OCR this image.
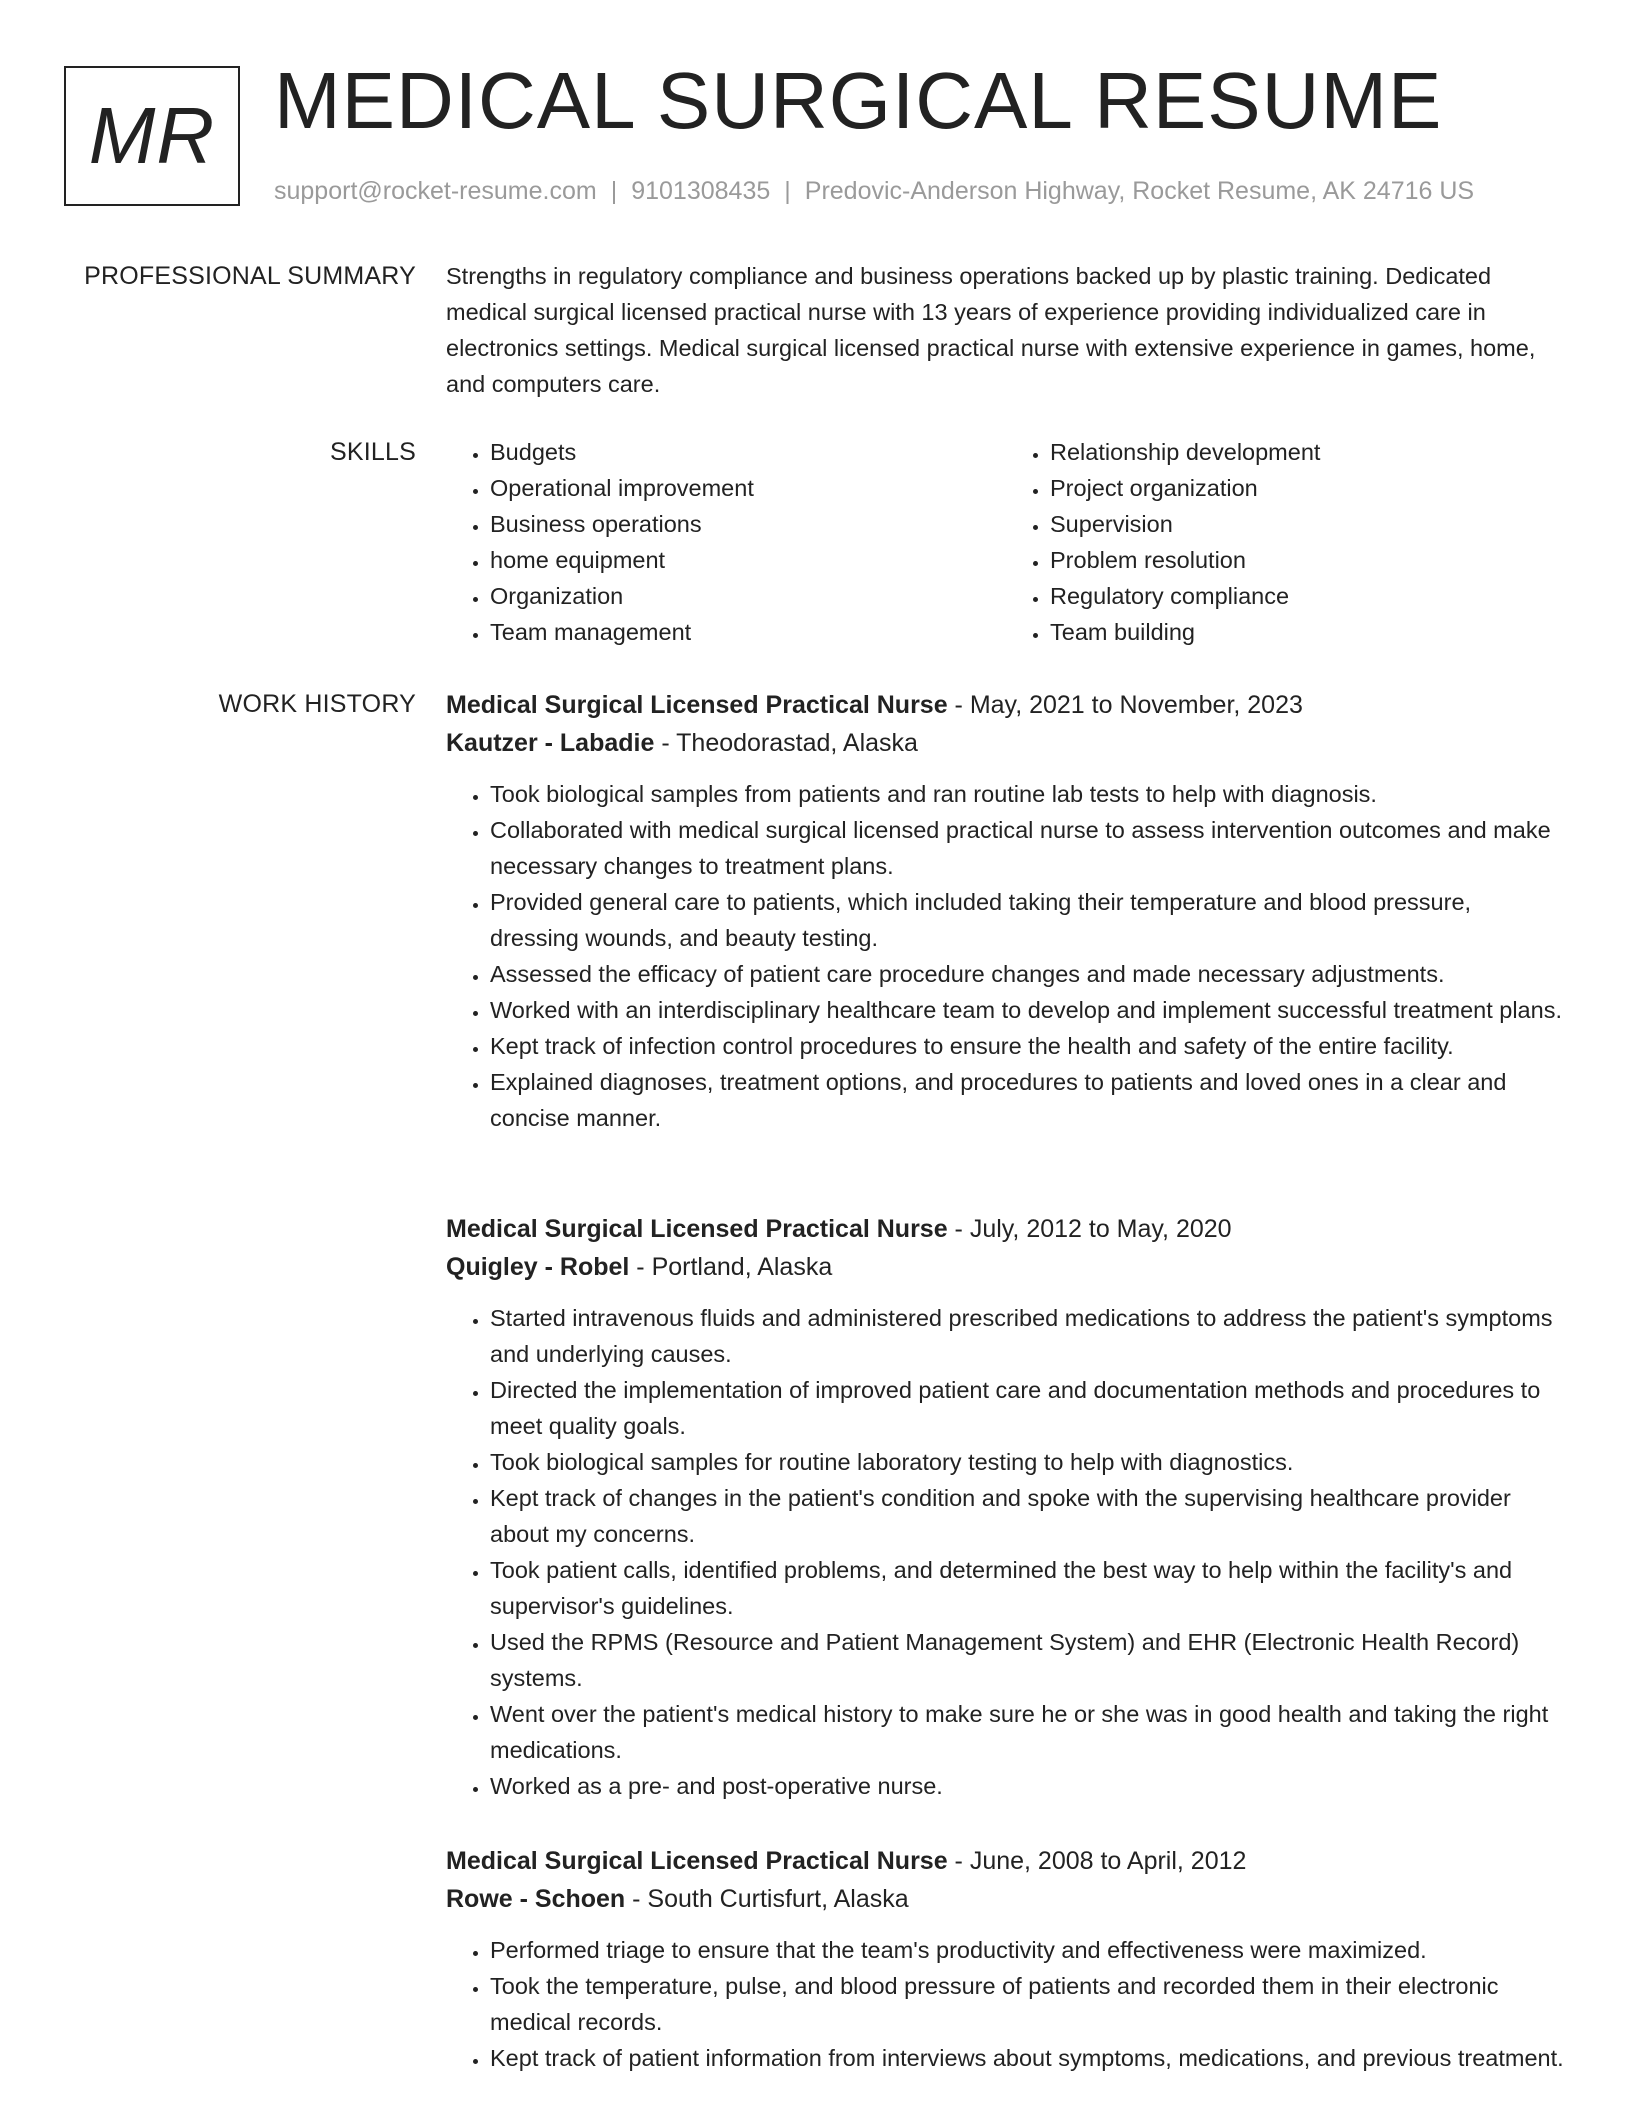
MR MEDICAL SURGICAL RESUME
support@rocket-resume.com | 9101308435 | Predovic-Anderson Highway, Rocket Resume, AK 24716 US
PROFESSIONAL SUMMARY Strengths in regulatory compliance and business operations backed up by plastic training. Dedicated medical surgical licensed practical nurse with 13 years of experience providing individualized care in electronics settings. Medical surgical licensed practical nurse with extensive experience in games, home, and computers care.

SKILLS
•	Budgets
• Operational improvement
• Business operations
• home equipment
• Organization
• Team management
• Relationship development
• Project organization
• Supervision
• Problem resolution
• Regulatory compliance
• Team building
WORK HISTORY Medical Surgical Licensed Practical Nurse - May, 2021 to November, 2023
Kautzer - Labadie - Theodorastad, Alaska
• Took biological samples from patients and ran routine lab tests to help with diagnosis.
• Collaborated with medical surgical licensed practical nurse to assess intervention outcomes and make necessary changes to treatment plans.
• Provided general care to patients, which included taking their temperature and blood pressure, dressing wounds, and beauty testing.
• Assessed the efficacy of patient care procedure changes and made necessary adjustments.
• Worked with an interdisciplinary healthcare team to develop and implement successful treatment plans.
• Kept track of infection control procedures to ensure the health and safety of the entire facility.
• Explained diagnoses, treatment options, and procedures to patients and loved ones in a clear and concise manner.
Medical Surgical Licensed Practical Nurse - July, 2012 to May, 2020
Quigley - Robel - Portland, Alaska
• Started intravenous fluids and administered prescribed medications to address the patient's symptoms and underlying causes.
• Directed the implementation of improved patient care and documentation methods and procedures to meet quality goals.
• Took biological samples for routine laboratory testing to help with diagnostics.
• Kept track of changes in the patient's condition and spoke with the supervising healthcare provider about my concerns.
• Took patient calls, identified problems, and determined the best way to help within the facility's and supervisor's guidelines.
• Used the RPMS (Resource and Patient Management System) and EHR (Electronic Health Record) systems.
• Went over the patient's medical history to make sure he or she was in good health and taking the right medications.
• Worked as a pre- and post-operative nurse.
Medical Surgical Licensed Practical Nurse - June, 2008 to April, 2012
Rowe - Schoen - South Curtisfurt, Alaska
• Performed triage to ensure that the team's productivity and effectiveness were maximized.
• Took the temperature, pulse, and blood pressure of patients and recorded them in their electronic medical records.
• Kept track of patient information from interviews about symptoms, medications, and previous treatment.
